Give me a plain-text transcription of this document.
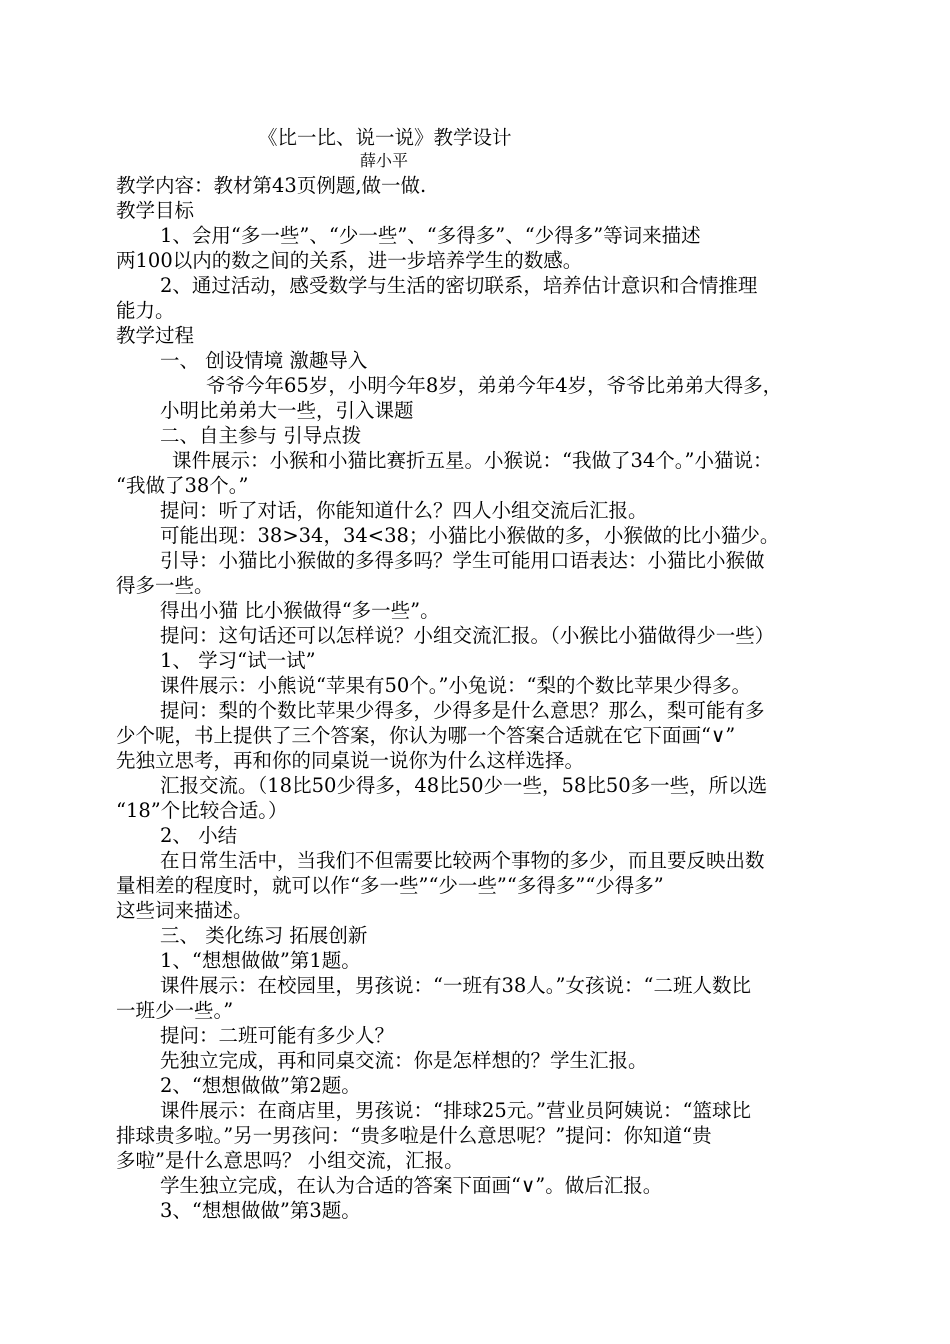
《比一比、说一说》教学设计
薛小平
教学内容：教材第43页例题,做一做.
教学目标
1、会用“多一些”、“少一些”、“多得多”、“少得多”等词来描述
两100以内的数之间的关系，进一步培养学生的数感。
2、通过活动，感受数学与生活的密切联系，培养估计意识和合情推理
能力。
教学过程
一、 创设情境 激趣导入
爷爷今年65岁，小明今年8岁，弟弟今年4岁，爷爷比弟弟大得多，
小明比弟弟大一些，引入课题
二、自主参与 引导点拨
课件展示：小猴和小猫比赛折五星。小猴说：“我做了34个。”小猫说：
“我做了38个。”
提问：听了对话，你能知道什么？四人小组交流后汇报。
可能出现：38>34，34<38；小猫比小猴做的多，小猴做的比小猫少。
引导：小猫比小猴做的多得多吗？学生可能用口语表达：小猫比小猴做
得多一些。
得出小猫 比小猴做得“多一些”。
提问：这句话还可以怎样说？小组交流汇报。（小猴比小猫做得少一些）
1、 学习“试一试”
课件展示：小熊说“苹果有50个。”小兔说：“梨的个数比苹果少得多。
提问：梨的个数比苹果少得多，少得多是什么意思？那么，梨可能有多
少个呢，书上提供了三个答案，你认为哪一个答案合适就在它下面画“∨”
先独立思考，再和你的同桌说一说你为什么这样选择。
汇报交流。（18比50少得多，48比50少一些，58比50多一些，所以选
“18”个比较合适。）
2、 小结
在日常生活中，当我们不但需要比较两个事物的多少，而且要反映出数
量相差的程度时，就可以作“多一些”“少一些”“多得多”“少得多”
这些词来描述。
三、 类化练习 拓展创新
1、“想想做做”第1题。
课件展示：在校园里，男孩说：“一班有38人。”女孩说：“二班人数比
一班少一些。”
提问：二班可能有多少人？
先独立完成，再和同桌交流：你是怎样想的？学生汇报。
2、“想想做做”第2题。
课件展示：在商店里，男孩说：“排球25元。”营业员阿姨说：“篮球比
排球贵多啦。”另一男孩问：“贵多啦是什么意思呢？”提问：你知道“贵
多啦”是什么意思吗？ 小组交流，汇报。
学生独立完成，在认为合适的答案下面画“∨”。做后汇报。
3、“想想做做”第3题。
